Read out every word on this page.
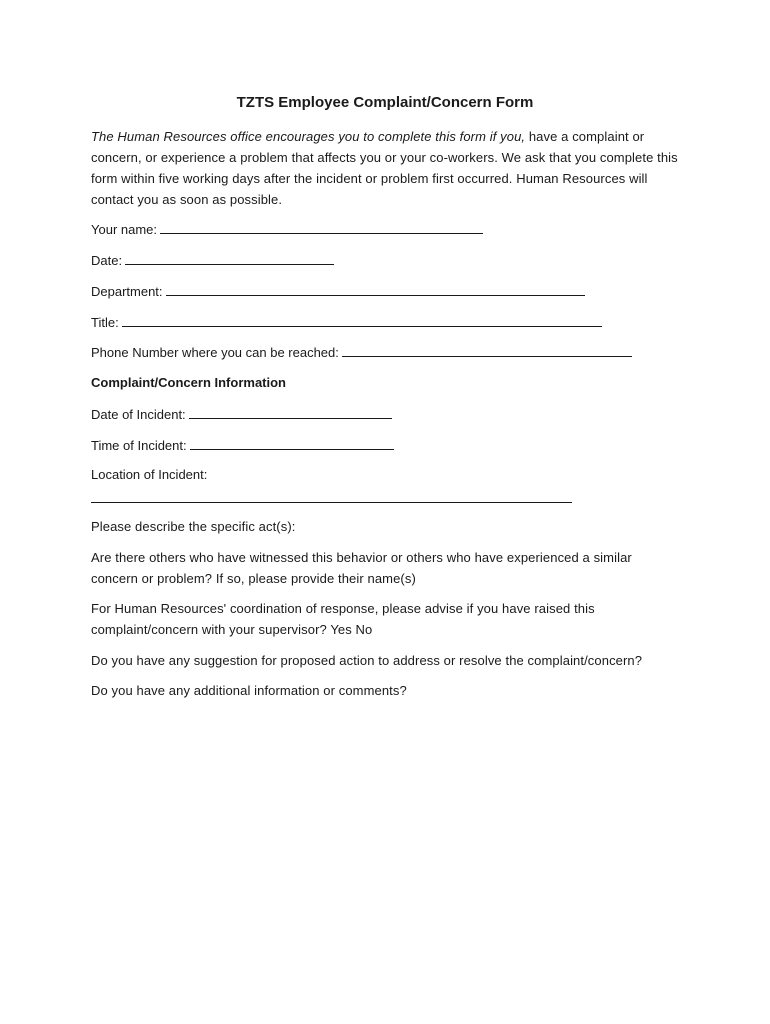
TZTS Employee Complaint/Concern Form
The Human Resources office encourages you to complete this form if you, have a complaint or concern, or experience a problem that affects you or your co-workers. We ask that you complete this form within five working days after the incident or problem first occurred. Human Resources will contact you as soon as possible.
Your name:
Date:
Department:
Title:
Phone Number where you can be reached:
Complaint/Concern Information
Date of Incident:
Time of Incident:
Location of Incident:
Please describe the specific act(s):
Are there others who have witnessed this behavior or others who have experienced a similar concern or problem? If so, please provide their name(s)
For Human Resources' coordination of response, please advise if you have raised this complaint/concern with your supervisor? Yes No
Do you have any suggestion for proposed action to address or resolve the complaint/concern?
Do you have any additional information or comments?
